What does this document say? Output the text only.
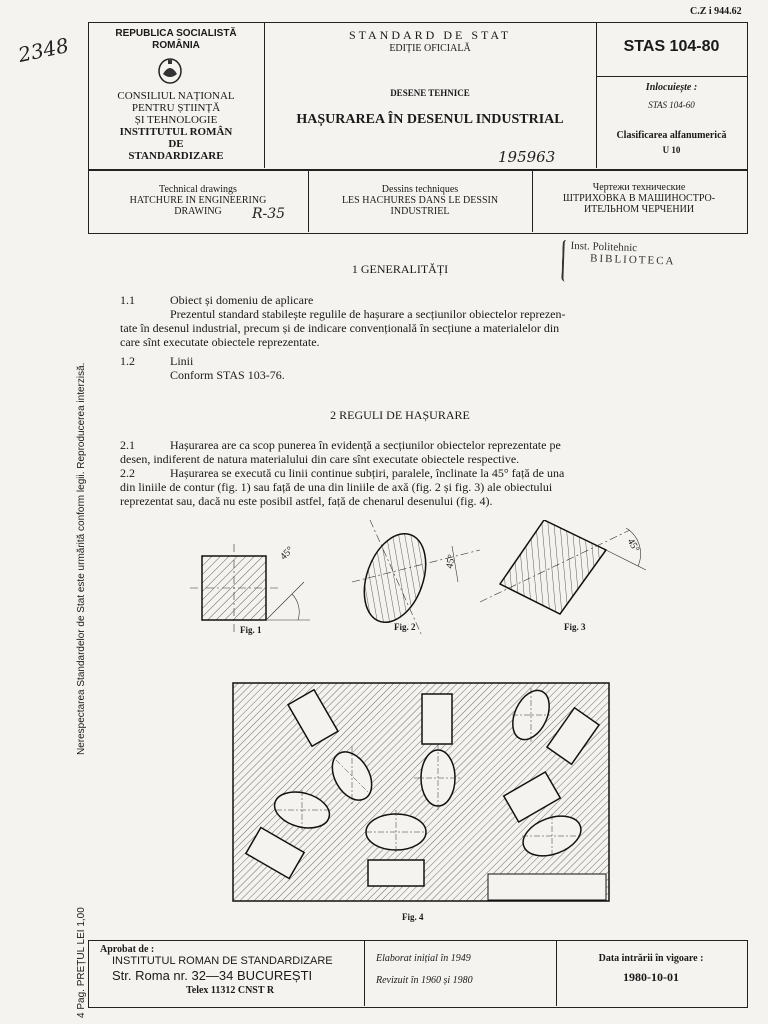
C.Z i 944.62
2348
Nerespectarea Standardelor de Stat este urmărită conform legii. Reproducerea interzisă.
4 Pag. PREȚUL LEI 1,00
REPUBLICA SOCIALISTĂ
ROMÂNIA
CONSILIUL NAȚIONAL
PENTRU ȘTIINȚĂ
ȘI TEHNOLOGIE
INSTITUTUL ROMÂN
DE
STANDARDIZARE
STANDARD DE STAT
EDIȚIE OFICIALĂ
DESENE TEHNICE
HAȘURAREA ÎN DESENUL INDUSTRIAL
195963
STAS 104-80
Inlocuiește :
STAS 104-60
Clasificarea alfanumerică
U 10
Technical drawings
HATCHURE IN ENGINEERING
DRAWING	R-35
Dessins techniques
LES HACHURES DANS LE DESSIN
INDUSTRIEL
Чертежи технические
ШТРИХОВКА В МАШИНОСТРО-
ИТЕЛЬНОМ ЧЕРЧЕНИИ
Inst. Politehnic
BIBLIOTECA
1 GENERALITĂȚI
1.1	Obiect și domeniu de aplicare
Prezentul standard stabilește regulile de hașurare a secțiunilor obiectelor reprezen-
tate în desenul industrial, precum și de indicare convențională în secțiune a materialelor din
care sînt executate obiectele reprezentate.
1.2	Linii
Conform STAS 103-76.
2 REGULI DE HAȘURARE
2.1	Hașurarea are ca scop punerea în evidență a secțiunilor obiectelor reprezentate pe
desen, indiferent de natura materialului din care sînt executate obiectele respective.
2.2	Hașurarea se execută cu linii continue subțiri, paralele, înclinate la 45° față de una
din liniile de contur (fig. 1) sau față de una din liniile de axă (fig. 2 și fig. 3) ale obiectului
reprezentat sau, dacă nu este posibil astfel, față de chenarul desenului (fig. 4).
45°	45°
45°
Fig. 1	Fig. 2	Fig. 3
Fig. 4
Aprobat de :
INSTITUTUL ROMAN DE STANDARDIZARE
Str. Roma nr. 32—34 BUCUREȘTI
Telex 11312 CNST R
Elaborat inițial în 1949
Revizuit în 1960 și 1980
Data intrării în vigoare :
1980-10-01
